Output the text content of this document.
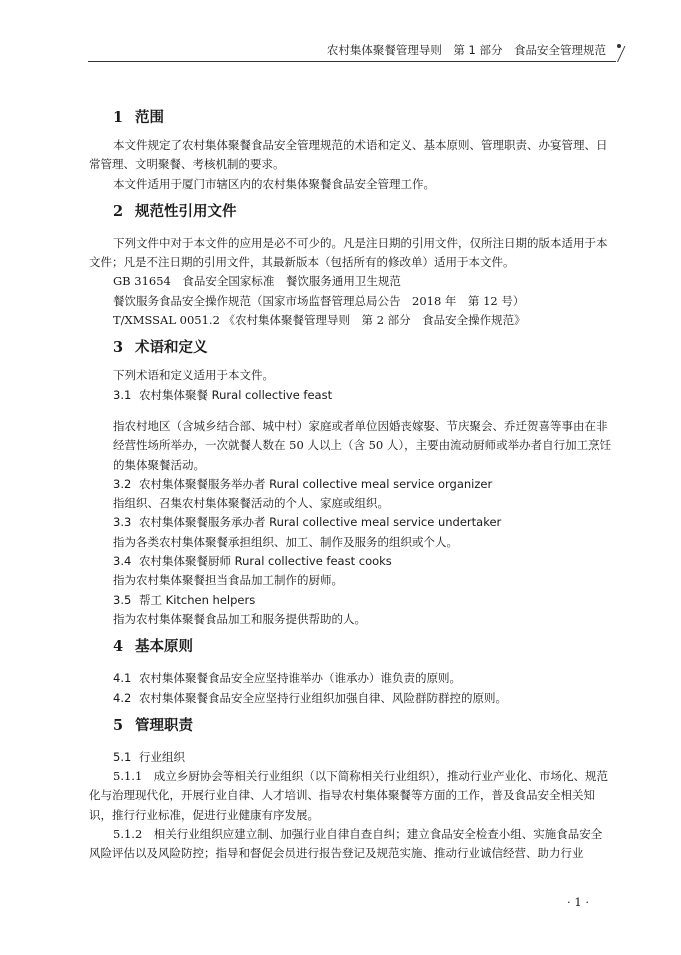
农村集体聚餐管理导则　第 1 部分　食品安全管理规范
1 范围

本文件规定了农村集体聚餐食品安全管理规范的术语和定义、基本原则、管理职责、办宴管理、日常管理、文明聚餐、考核机制的要求。

本文件适用于厦门市辖区内的农村集体聚餐食品安全管理工作。

2 规范性引用文件

下列文件中对于本文件的应用是必不可少的。凡是注日期的引用文件，仅所注日期的版本适用于本 文件；凡是不注日期的引用文件，其最新版本（包括所有的修改单）适用于本文件。

GB 31654　食品安全国家标准　餐饮服务通用卫生规范

餐饮服务食品安全操作规范（国家市场监督管理总局公告　2018 年　第 12 号）

T/XMSSAL 0051.2 《农村集体聚餐管理导则　第 2 部分　食品安全操作规范》

3 术语和定义

下列术语和定义适用于本文件。

3.1 农村集体聚餐 Rural collective feast

指农村地区（含城乡结合部、城中村）家庭或者单位因婚丧嫁娶、节庆聚会、乔迁贺喜等事由在非经营性场所举办，一次就餐人数在 50 人以上（含 50 人），主要由流动厨师或举办者自行加工烹饪的集体聚餐活动。

3.2 农村集体聚餐服务举办者 Rural collective meal service organizer

指组织、召集农村集体聚餐活动的个人、家庭或组织。

3.3 农村集体聚餐服务承办者 Rural collective meal service undertaker

指为各类农村集体聚餐承担组织、加工、制作及服务的组织或个人。

3.4 农村集体聚餐厨师 Rural collective feast cooks

指为农村集体聚餐担当食品加工制作的厨师。

3.5 帮工 Kitchen helpers

指为农村集体聚餐食品加工和服务提供帮助的人。

4 基本原则

4.1 农村集体聚餐食品安全应坚持谁举办（谁承办）谁负责的原则。

4.2 农村集体聚餐食品安全应坚持行业组织加强自律、风险群防群控的原则。

5 管理职责

5.1 行业组织

5.1.1　成立乡厨协会等相关行业组织（以下简称相关行业组织），推动行业产业化、市场化、规范化与治理现代化，开展行业自律、人才培训、指导农村集体聚餐等方面的工作，普及食品安全相关知识，推行行业标准，促进行业健康有序发展。

5.1.2　相关行业组织应建立制、加强行业自律自查自纠；建立食品安全检查小组、实施食品安全风险评估以及风险防控；指导和督促会员进行报告登记及规范实施、推动行业诚信经营、助力行业

· 1 ·
